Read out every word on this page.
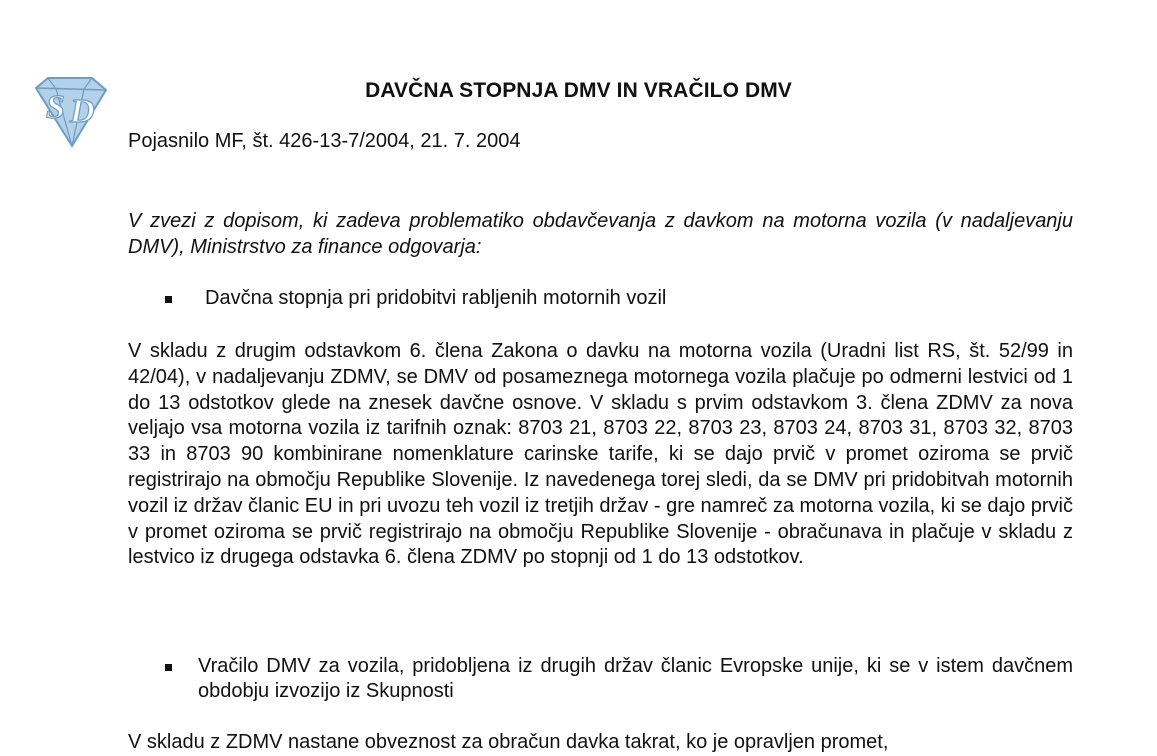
S D
DAVČNA STOPNJA DMV IN VRAČILO DMV
Pojasnilo MF, št. 426-13-7/2004, 21. 7. 2004

V zvezi z dopisom, ki zadeva problematiko obdavčevanja z davkom na motorna vozila (v nadaljevanju DMV), Ministrstvo za finance odgovarja:

Davčna stopnja pri pridobitvi rabljenih motornih vozil

V skladu z drugim odstavkom 6. člena Zakona o davku na motorna vozila (Uradni list RS, št. 52/99 in 42/04), v nadaljevanju ZDMV, se DMV od posameznega motornega vozila plačuje po odmerni lestvici od 1 do 13 odstotkov glede na znesek davčne osnove. V skladu s prvim odstavkom 3. člena ZDMV za nova veljajo vsa motorna vozila iz tarifnih oznak: 8703 21, 8703 22, 8703 23, 8703 24, 8703 31, 8703 32, 8703 33 in 8703 90 kombinirane nomenklature carinske tarife, ki se dajo prvič v promet oziroma se prvič registrirajo na območju Republike Slovenije. Iz navedenega torej sledi, da se DMV pri pridobitvah motornih vozil iz držav članic EU in pri uvozu teh vozil iz tretjih držav - gre namreč za motorna vozila, ki se dajo prvič v promet oziroma se prvič registrirajo na območju Republike Slovenije - obračunava in plačuje v skladu z lestvico iz drugega odstavka 6. člena ZDMV po stopnji od 1 do 13 odstotkov.

Vračilo DMV za vozila, pridobljena iz drugih držav članic Evropske unije, ki se v istem davčnem obdobju izvozijo iz Skupnosti

V skladu z ZDMV nastane obveznost za obračun davka takrat, ko je opravljen promet,
